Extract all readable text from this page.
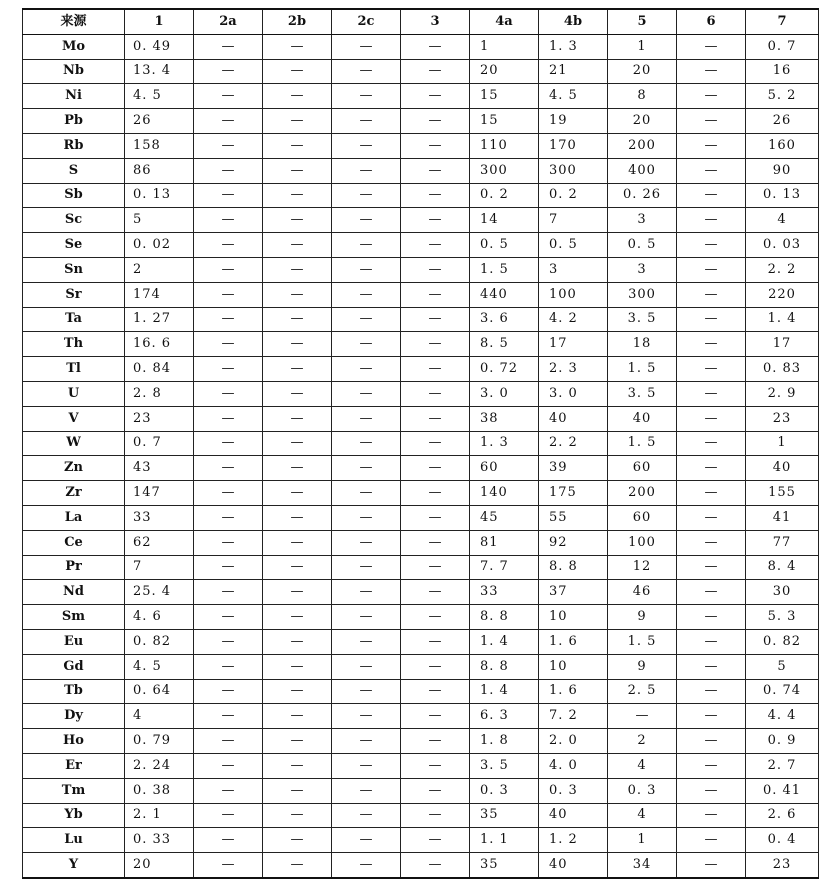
来源	1	2a	2b	2c	3	4a	4b	5	6	7
Mo	0. 49	—	—	—	—	1	1. 3	1	—	0. 7
Nb	13. 4	—	—	—	—	20	21	20	—	16
Ni	4. 5	—	—	—	—	15	4. 5	8	—	5. 2
Pb	26	—	—	—	—	15	19	20	—	26
Rb	158	—	—	—	—	110	170	200	—	160
S	86	—	—	—	—	300	300	400	—	90
Sb	0. 13	—	—	—	—	0. 2	0. 2	0. 26	—	0. 13
Sc	5	—	—	—	—	14	7	3	—	4
Se	0. 02	—	—	—	—	0. 5	0. 5	0. 5	—	0. 03
Sn	2	—	—	—	—	1. 5	3	3	—	2. 2
Sr	174	—	—	—	—	440	100	300	—	220
Ta	1. 27	—	—	—	—	3. 6	4. 2	3. 5	—	1. 4
Th	16. 6	—	—	—	—	8. 5	17	18	—	17
Tl	0. 84	—	—	—	—	0. 72	2. 3	1. 5	—	0. 83
U	2. 8	—	—	—	—	3. 0	3. 0	3. 5	—	2. 9
V	23	—	—	—	—	38	40	40	—	23
W	0. 7	—	—	—	—	1. 3	2. 2	1. 5	—	1
Zn	43	—	—	—	—	60	39	60	—	40
Zr	147	—	—	—	—	140	175	200	—	155
La	33	—	—	—	—	45	55	60	—	41
Ce	62	—	—	—	—	81	92	100	—	77
Pr	7	—	—	—	—	7. 7	8. 8	12	—	8. 4
Nd	25. 4	—	—	—	—	33	37	46	—	30
Sm	4. 6	—	—	—	—	8. 8	10	9	—	5. 3
Eu	0. 82	—	—	—	—	1. 4	1. 6	1. 5	—	0. 82
Gd	4. 5	—	—	—	—	8. 8	10	9	—	5
Tb	0. 64	—	—	—	—	1. 4	1. 6	2. 5	—	0. 74
Dy	4	—	—	—	—	6. 3	7. 2	—	—	4. 4
Ho	0. 79	—	—	—	—	1. 8	2. 0	2	—	0. 9
Er	2. 24	—	—	—	—	3. 5	4. 0	4	—	2. 7
Tm	0. 38	—	—	—	—	0. 3	0. 3	0. 3	—	0. 41
Yb	2. 1	—	—	—	—	35	40	4	—	2. 6
Lu	0. 33	—	—	—	—	1. 1	1. 2	1	—	0. 4
Y	20	—	—	—	—	35	40	34	—	23
